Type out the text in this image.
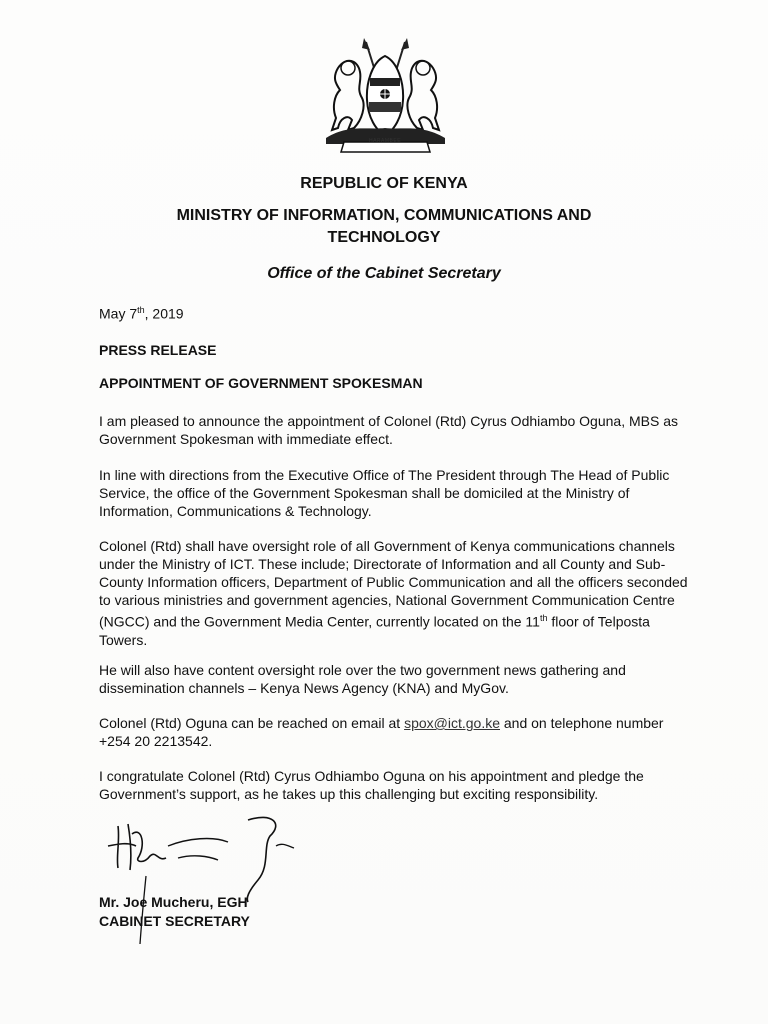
HARAMBEE
REPUBLIC OF KENYA
MINISTRY OF INFORMATION, COMMUNICATIONS AND TECHNOLOGY
Office of the Cabinet Secretary
May 7th, 2019
PRESS RELEASE
APPOINTMENT OF GOVERNMENT SPOKESMAN
I am pleased to announce the appointment of Colonel (Rtd) Cyrus Odhiambo Oguna, MBS as Government Spokesman with immediate effect.
In line with directions from the Executive Office of The President through The Head of Public Service, the office of the Government Spokesman shall be domiciled at the Ministry of Information, Communications & Technology.
Colonel (Rtd) shall have oversight role of all Government of Kenya communications channels under the Ministry of ICT. These include; Directorate of Information and all County and Sub-County Information officers, Department of Public Communication and all the officers seconded to various ministries and government agencies, National Government Communication Centre (NGCC) and the Government Media Center, currently located on the 11th floor of Telposta Towers.
He will also have content oversight role over the two government news gathering and dissemination channels – Kenya News Agency (KNA) and MyGov.
Colonel (Rtd) Oguna can be reached on email at spox@ict.go.ke and on telephone number +254 20 2213542.
I congratulate Colonel (Rtd) Cyrus Odhiambo Oguna on his appointment and pledge the Government’s support, as he takes up this challenging but exciting responsibility.
Mr. Joe Mucheru, EGH
CABINET SECRETARY
